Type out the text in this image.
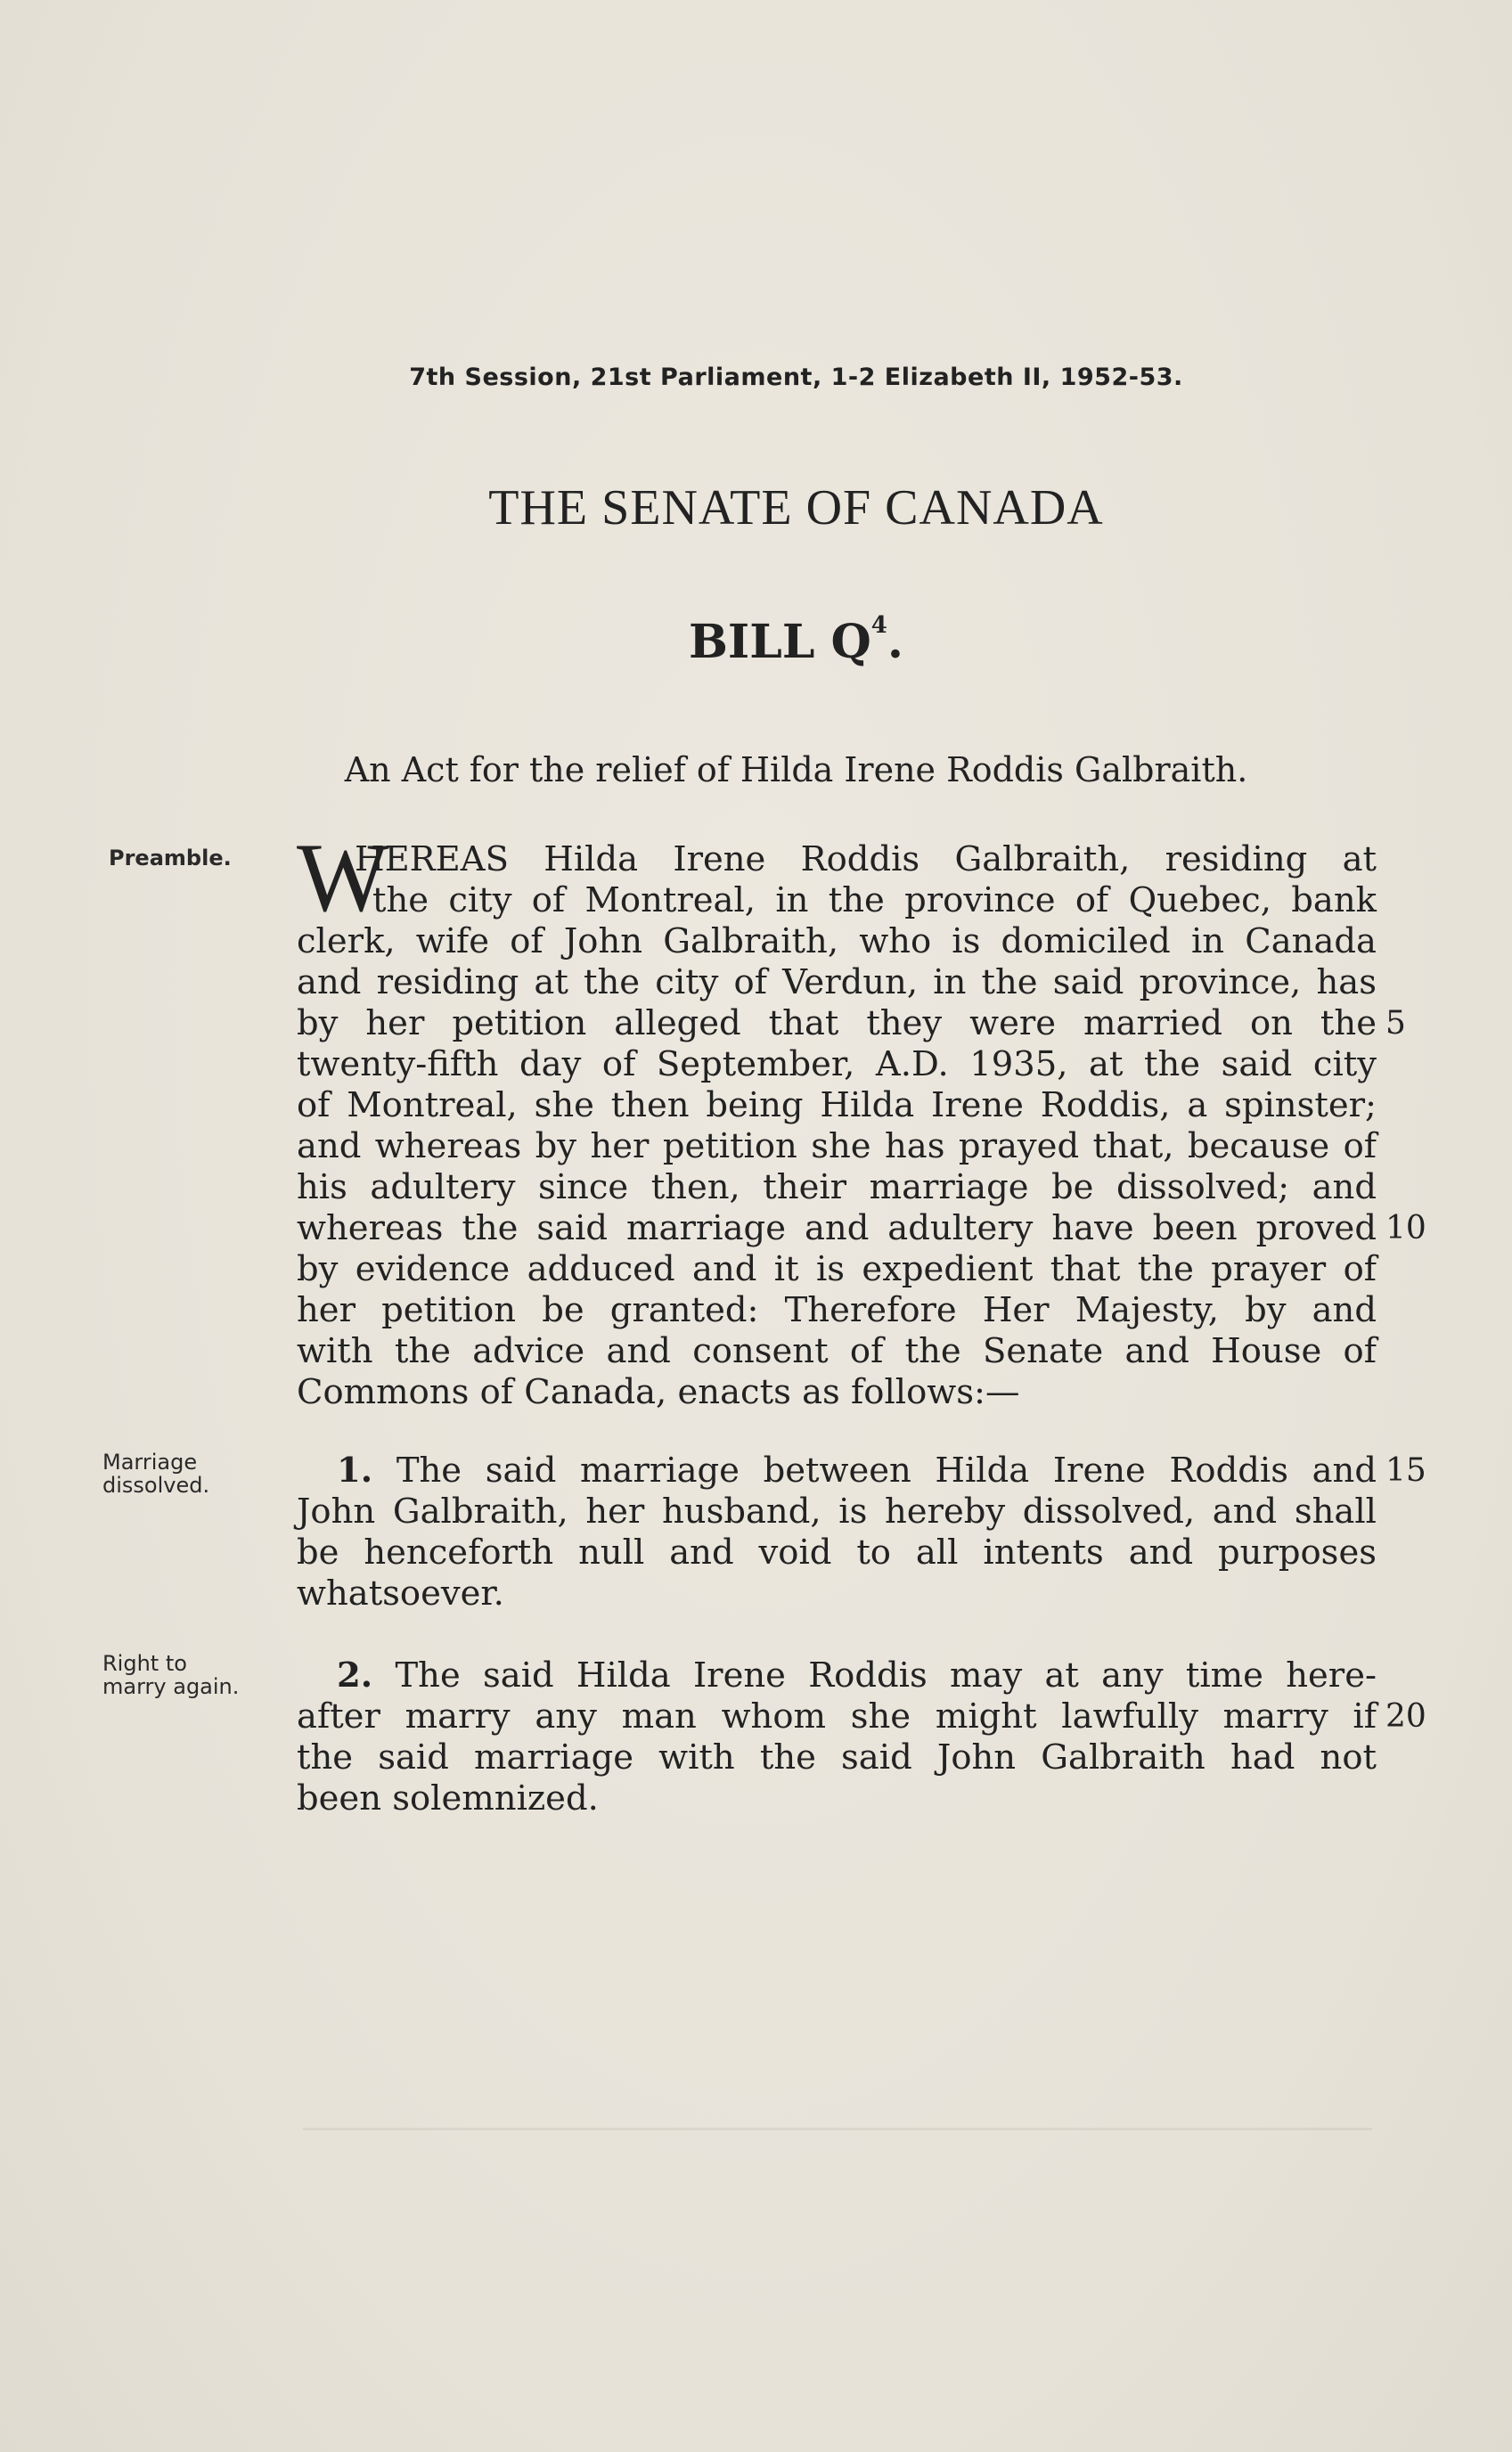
7th Session, 21st Parliament, 1-2 Elizabeth II, 1952-53.
THE SENATE OF CANADA
BILL $Q^4$.
An Act for the relief of Hilda Irene Roddis Galbraith.
Preamble.
Marriage
dissolved.
Right to
marry again.
W
HEREAS Hilda Irene Roddis Galbraith, residing at
the city of Montreal, in the province of Quebec, bank
clerk, wife of John Galbraith, who is domiciled in Canada
and residing at the city of Verdun, in the said province, has
by her petition alleged that they were married on the
twenty-fifth day of September, A.D. 1935, at the said city
of Montreal, she then being Hilda Irene Roddis, a spinster;
and whereas by her petition she has prayed that, because of
his adultery since then, their marriage be dissolved; and
whereas the said marriage and adultery have been proved
by evidence adduced and it is expedient that the prayer of
her petition be granted: Therefore Her Majesty, by and
with the advice and consent of the Senate and House of
Commons of Canada, enacts as follows:—
1. The said marriage between Hilda Irene Roddis and
John Galbraith, her husband, is hereby dissolved, and shall
be henceforth null and void to all intents and purposes
whatsoever.
2. The said Hilda Irene Roddis may at any time here-
after marry any man whom she might lawfully marry if
the said marriage with the said John Galbraith had not
been solemnized.
5
10
15
20
